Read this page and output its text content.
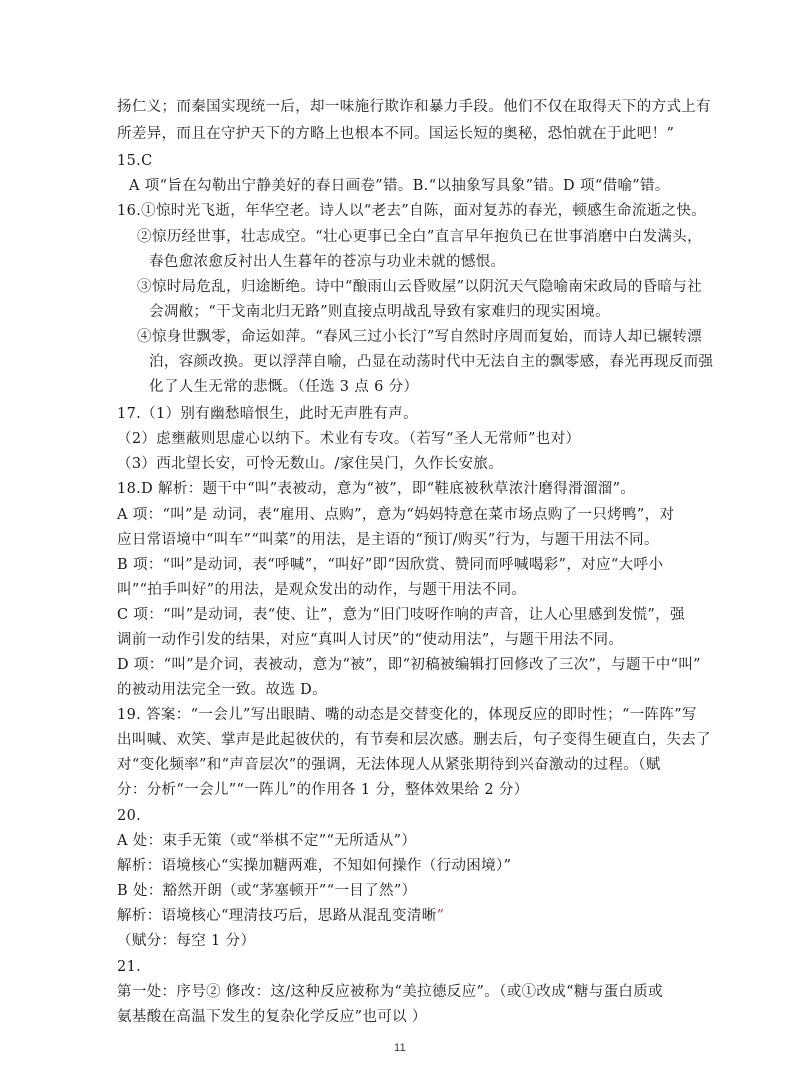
扬仁义；而秦国实现统一后，却一味施行欺诈和暴力手段。他们不仅在取得天下的方式上有
所差异，而且在守护天下的方略上也根本不同。国运长短的奥秘，恐怕就在于此吧！”
15.C
A 项“旨在勾勒出宁静美好的春日画卷”错。B.“以抽象写具象”错。D 项“借喻”错。
16.①惊时光飞逝，年华空老。诗人以“老去”自陈，面对复苏的春光，顿感生命流逝之快。
②惊历经世事，壮志成空。“壮心更事已全白”直言早年抱负已在世事消磨中白发满头，
春色愈浓愈反衬出人生暮年的苍凉与功业未就的憾恨。
③惊时局危乱，归途断绝。诗中“酿雨山云昏败屋”以阴沉天气隐喻南宋政局的昏暗与社
会凋敝；“干戈南北归无路”则直接点明战乱导致有家难归的现实困境。
④惊身世飘零，命运如萍。“春风三过小长汀”写自然时序周而复始，而诗人却已辗转漂
泊，容颜改换。更以浮萍自喻，凸显在动荡时代中无法自主的飘零感，春光再现反而强
化了人生无常的悲慨。（任选 3 点 6 分）
17.（1）别有幽愁暗恨生，此时无声胜有声。
（2）虑壅蔽则思虚心以纳下。术业有专攻。（若写“圣人无常师”也对）
（3）西北望长安，可怜无数山。/家住吴门，久作长安旅。
18.D 解析：题干中“叫”表被动，意为“被”，即“鞋底被秋草浓汁磨得滑溜溜”。
A 项：“叫”是 动词，表“雇用、点购”，意为“妈妈特意在菜市场点购了一只烤鸭”，对
应日常语境中“叫车”“叫菜”的用法，是主语的“预订/购买”行为，与题干用法不同。
B 项：“叫”是动词，表“呼喊”，“叫好”即“因欣赏、赞同而呼喊喝彩”，对应“大呼小
叫”“拍手叫好”的用法，是观众发出的动作，与题干用法不同。
C 项：“叫”是动词，表“使、让”，意为“旧门吱呀作响的声音，让人心里感到发慌”，强
调前一动作引发的结果，对应“真叫人讨厌”的“使动用法”，与题干用法不同。
D 项：“叫”是介词，表被动，意为“被”，即“初稿被编辑打回修改了三次”，与题干中“叫”
的被动用法完全一致。故选 D。
19. 答案：“一会儿”写出眼睛、嘴的动态是交替变化的，体现反应的即时性；“一阵阵”写
出叫喊、欢笑、掌声是此起彼伏的，有节奏和层次感。删去后，句子变得生硬直白，失去了
对“变化频率”和“声音层次”的强调，无法体现人从紧张期待到兴奋激动的过程。（赋
分：分析“一会儿”“一阵儿”的作用各 1 分，整体效果给 2 分）
20.
A 处：束手无策（或“举棋不定”“无所适从”）
解析：语境核心“实操加糖两难，不知如何操作（行动困境）”
B 处：豁然开朗（或“茅塞顿开”“一目了然”）
解析：语境核心“理清技巧后，思路从混乱变清晰”
（赋分：每空 1 分）
21.
第一处：序号② 修改：这/这种反应被称为“美拉德反应”。（或①改成“糖与蛋白质或
氨基酸在高温下发生的复杂化学反应”也可以 ）
11
